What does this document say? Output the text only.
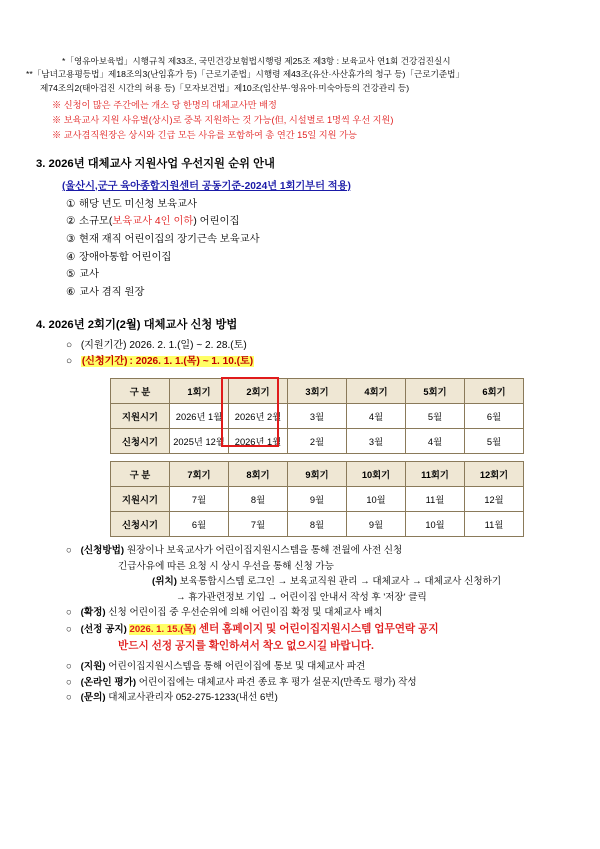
*「영유아보육법」시행규칙 제33조, 국민건강보험법시행령 제25조 제3항 : 보육교사 연1회 건강검진실시
**「남녀고용평등법」제18조의3(난임휴가 등)「근로기준법」시행령 제43조(유산·사산휴가의 청구 등)「근로기준법」
제74조의2(태아검진 시간의 허용 등)「모자보건법」제10조(임산부·영유아·미숙아등의 건강관리 등)
※ 신청이 많은 주간에는 개소 당 한명의 대체교사만 배정
※ 보육교사 지원 사유별(상시)로 중복 지원하는 것 가능(但, 시설별로 1명씩 우선 지원)
※ 교사겸직원장은 상시와 긴급 모든 사유를 포함하여 총 연간 15일 지원 가능
3. 2026년 대체교사 지원사업 우선지원 순위 안내
(울산시,군구 육아종합지원센터 공동기준-2024년 1회기부터 적용)
① 해당 년도 미신청 보육교사
② 소규모(보육교사 4인 이하) 어린이집
③ 현재 재직 어린이집의 장기근속 보육교사
④ 장애아통합 어린이집
⑤ 교사
⑥ 교사 겸직 원장
4. 2026년 2회기(2월) 대체교사 신청 방법
○ (지원기간) 2026. 2. 1.(일) ~ 2. 28.(토)
○ (신청기간) : 2026. 1. 1.(목) ~ 1. 10.(토)
구 분	1회기	2회기	3회기	4회기	5회기	6회기
지원시기	2026년 1월	2026년 2월	3월	4월	5월	6월
신청시기	2025년 12월	2026년 1월	2월	3월	4월	5월

구 분	7회기	8회기	9회기	10회기	11회기	12회기
지원시기	7월	8월	9월	10월	11월	12월
신청시기	6월	7월	8월	9월	10월	11월
○ (신청방법) 원장이나 보육교사가 어린이집지원시스템을 통해 전월에 사전 신청
긴급사유에 따른 요청 시 상시 우선을 통해 신청 가능
(위치) 보육통합시스템 로그인 → 보육교직원 관리 → 대체교사 → 대체교사 신청하기
→ 휴가관련정보 기입 → 어린이집 안내서 작성 후 '저장' 클릭
○ (확정) 신청 어린이집 중 우선순위에 의해 어린이집 확정 및 대체교사 배치
○ (선정 공지) 2026. 1. 15.(목) 센터 홈페이지 및 어린이집지원시스템 업무연락 공지
반드시 선정 공지를 확인하셔서 착오 없으시길 바랍니다.
○ (지원) 어린이집지원시스템을 통해 어린이집에 통보 및 대체교사 파견
○ (온라인 평가) 어린이집에는 대체교사 파견 종료 후 평가 설문지(만족도 평가) 작성
○ (문의) 대체교사관리자 052-275-1233(내선 6번)
